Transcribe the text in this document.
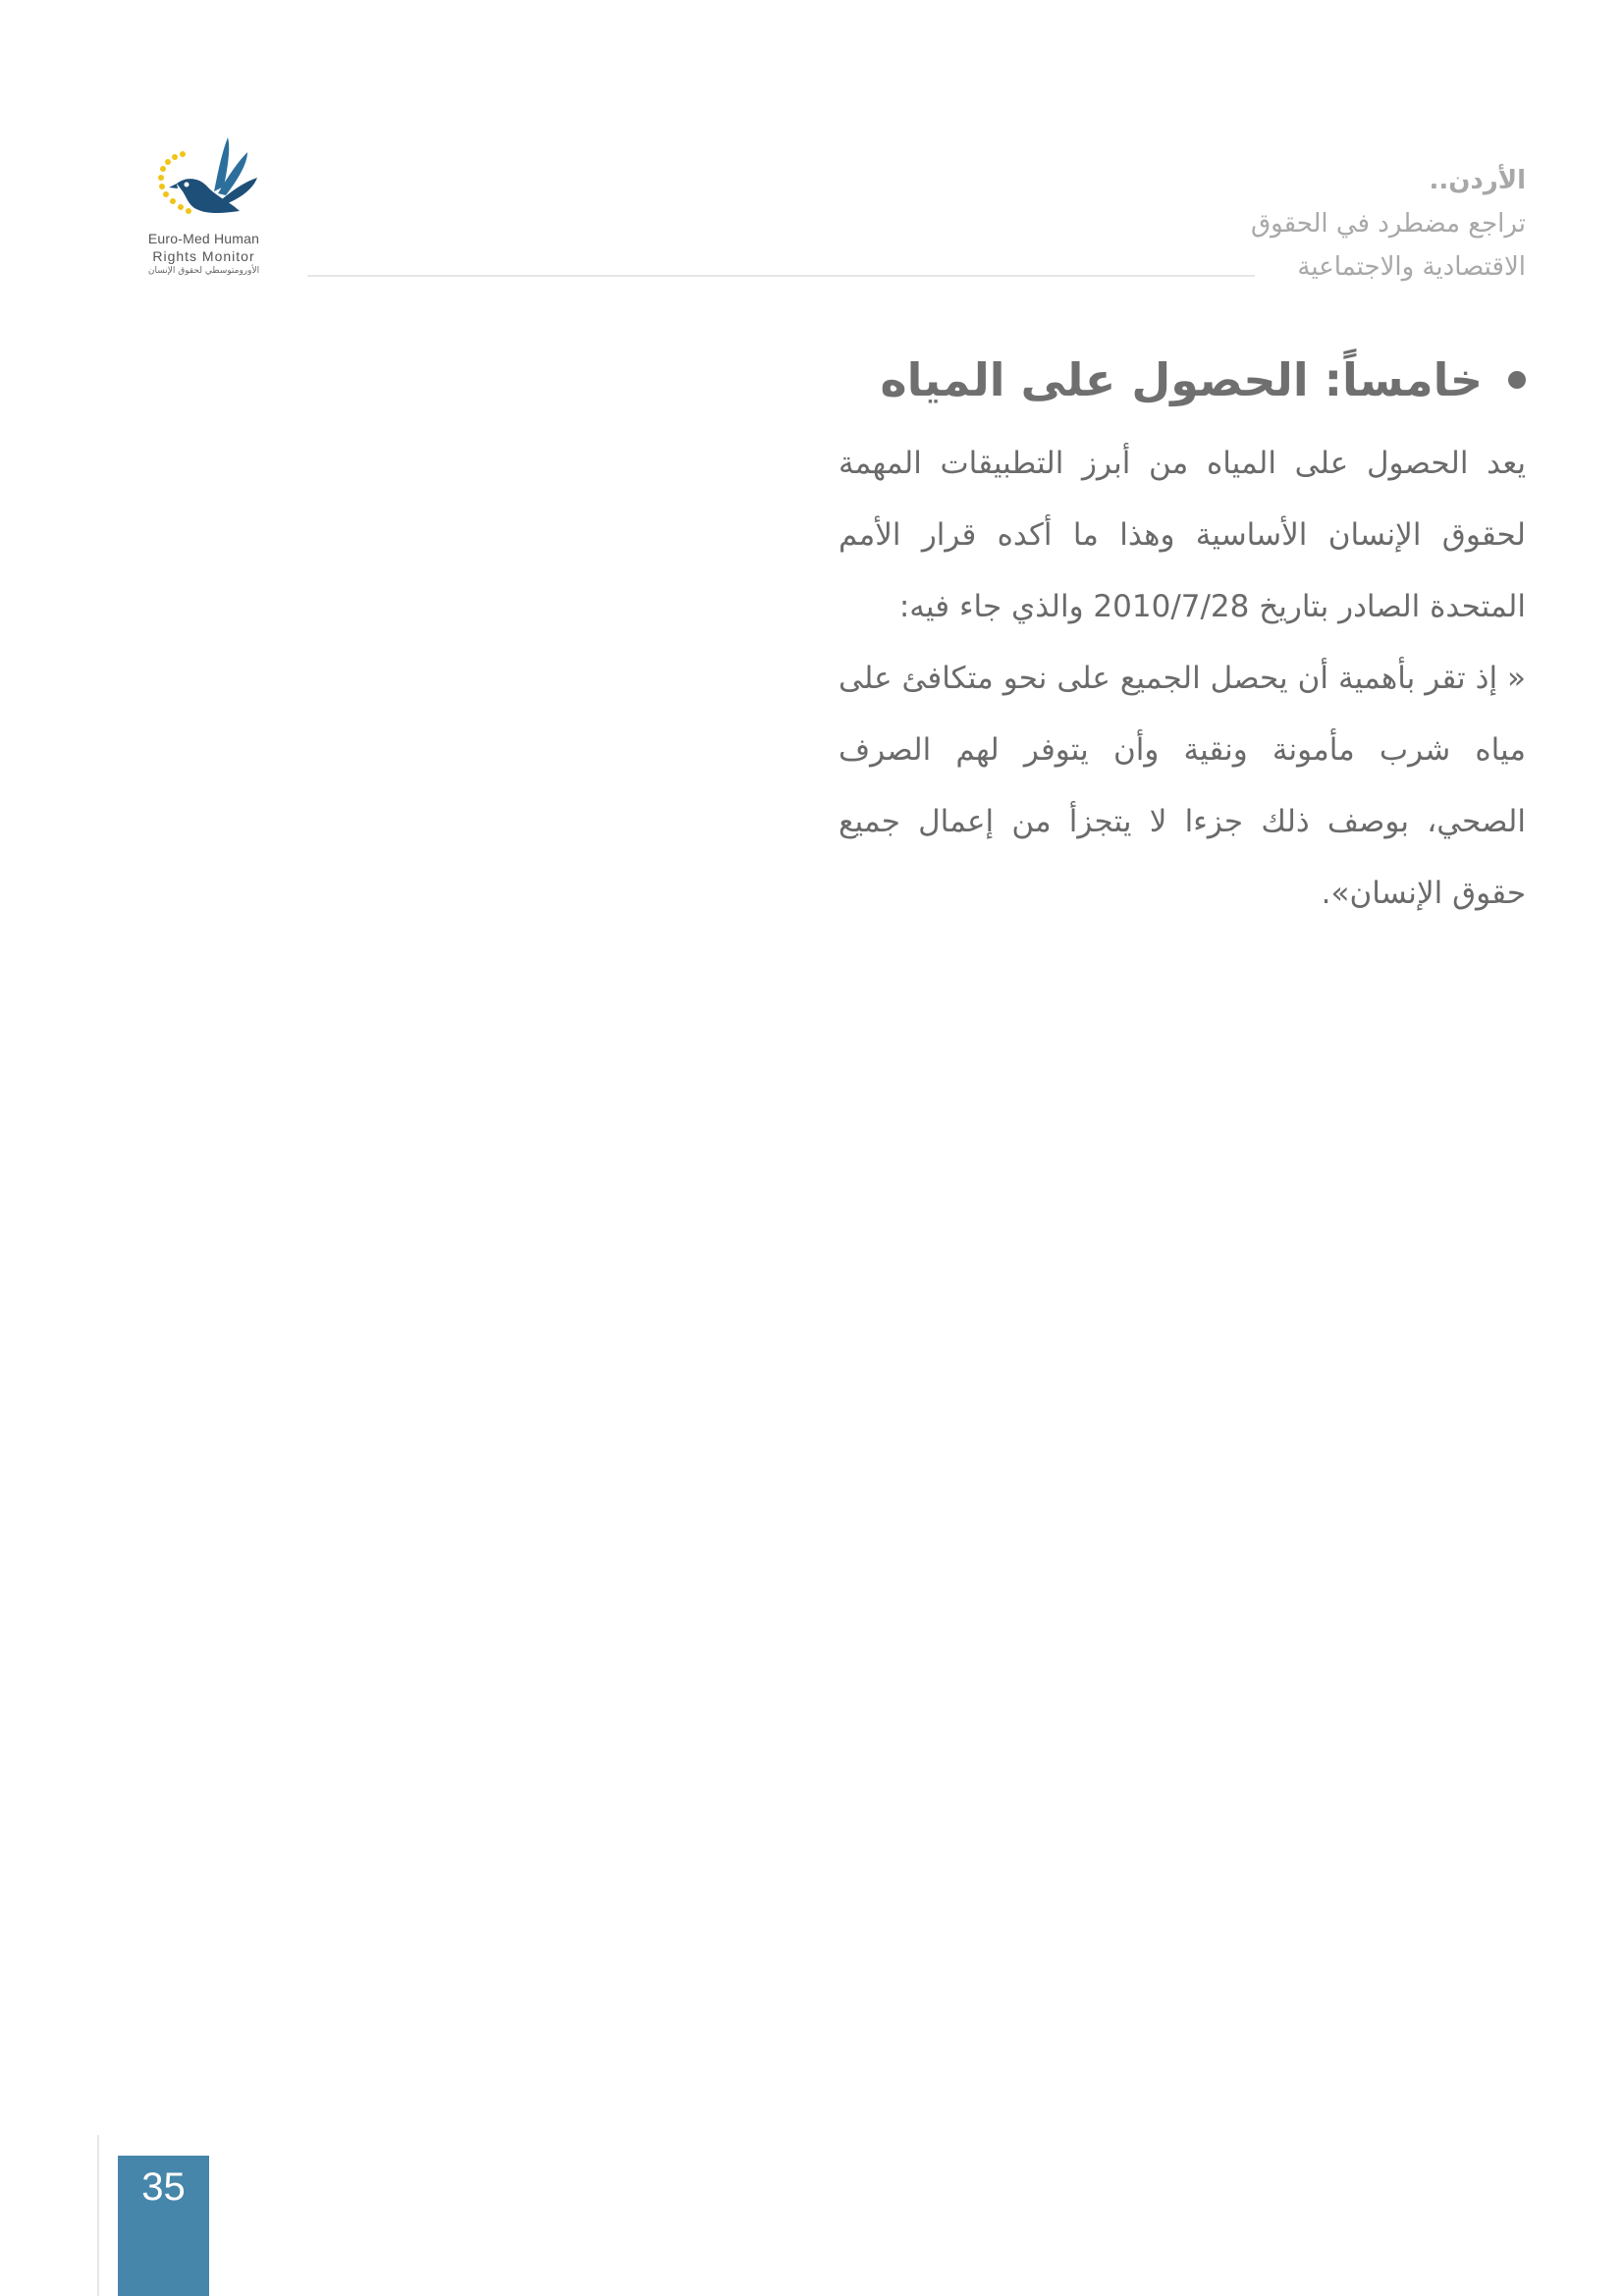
Euro-Med Human
Rights Monitor
الأورومتوسطي لحقوق الإنسان
الأردن..
تراجع مضطرد في الحقوق
الاقتصادية والاجتماعية
خامساً: الحصول على المياه

يعد الحصول على المياه من أبرز التطبيقات المهمة لحقوق الإنسان الأساسية وهذا ما أكده قرار الأمم المتحدة الصادر بتاريخ 2010/7/28 والذي جاء فيه:

« إذ تقر بأهمية أن يحصل الجميع على نحو متكافئ على مياه شرب مأمونة ونقية وأن يتوفر لهم الصرف الصحي، بوصف ذلك جزءا لا يتجزأ من إعمال جميع حقوق الإنسان».

35
